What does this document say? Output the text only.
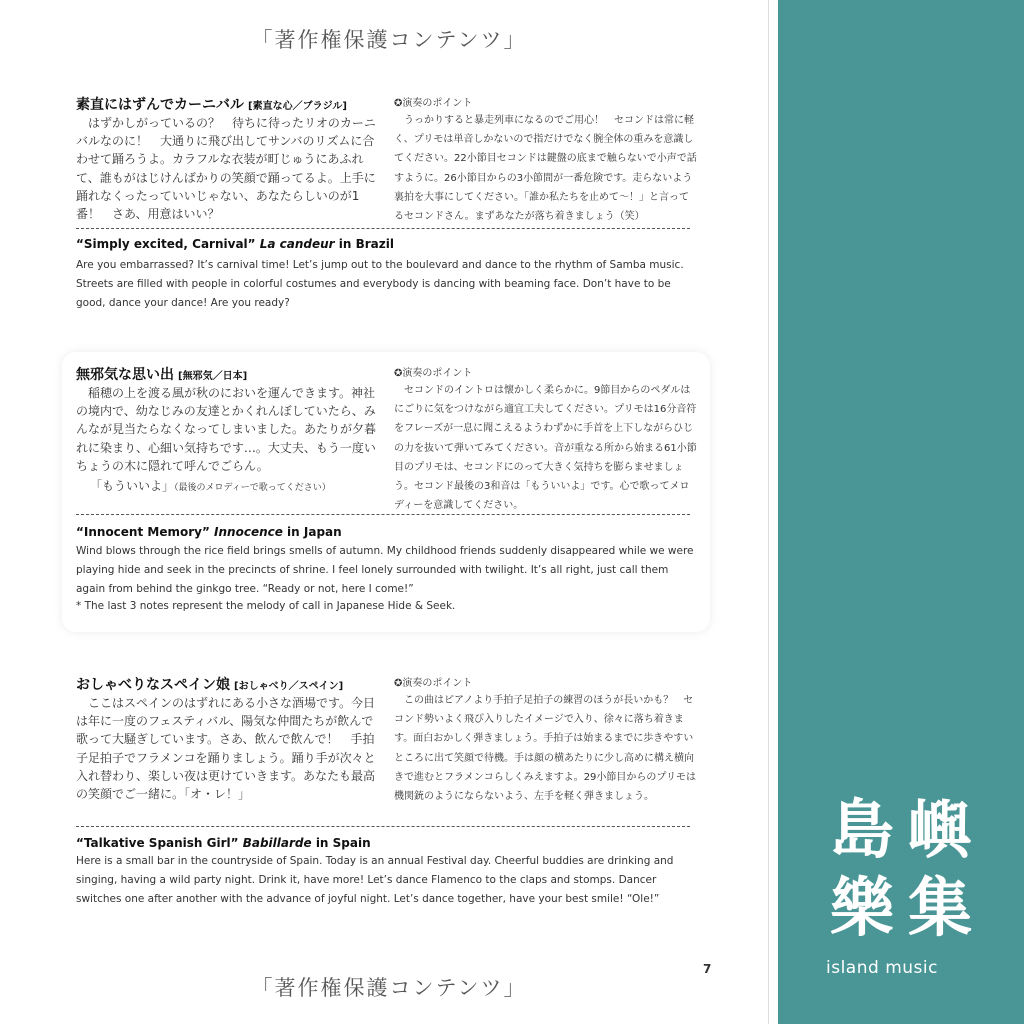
「著作権保護コンテンツ」
素直にはずんでカーニバル [素直な心／ブラジル]
　はずかしがっているの？　待ちに待ったリオのカーニバルなのに！　大通りに飛び出してサンバのリズムに合わせて踊ろうよ。カラフルな衣装が町じゅうにあふれて、誰もがはじけんばかりの笑顔で踊ってるよ。上手に踊れなくったっていいじゃない、あなたらしいのが1番！　さあ、用意はいい？
✪演奏のポイント
　うっかりすると暴走列車になるのでご用心！　セコンドは常に軽く、プリモは単音しかないので指だけでなく腕全体の重みを意識してください。22小節目セコンドは鍵盤の底まで触らないで小声で話すように。26小節目からの3小節間が一番危険です。走らないよう裏拍を大事にしてください。「誰か私たちを止めて〜！」と言ってるセコンドさん。まずあなたが落ち着きましょう（笑）
“Simply excited, Carnival” La candeur in Brazil
Are you embarrassed? It’s carnival time! Let’s jump out to the boulevard and dance to the rhythm of Samba music. Streets are filled with people in colorful costumes and everybody is dancing with beaming face. Don’t have to be good, dance your dance! Are you ready?
無邪気な思い出 [無邪気／日本]
　稲穂の上を渡る風が秋のにおいを運んできます。神社の境内で、幼なじみの友達とかくれんぼしていたら、みんなが見当たらなくなってしまいました。あたりが夕暮れに染まり、心細い気持ちです…。大丈夫、もう一度いちょうの木に隠れて呼んでごらん。
「もういいよ」（最後のメロディーで歌ってください）
✪演奏のポイント
　セコンドのイントロは懐かしく柔らかに。9節目からのペダルはにごりに気をつけながら適宜工夫してください。プリモは16分音符をフレーズが一息に聞こえるようわずかに手首を上下しながらひじの力を抜いて弾いてみてください。音が重なる所から始まる61小節目のプリモは、セコンドにのって大きく気持ちを膨らませましょう。セコンド最後の3和音は「もういいよ」です。心で歌ってメロディーを意識してください。
“Innocent Memory” Innocence in Japan
Wind blows through the rice field brings smells of autumn. My childhood friends suddenly disappeared while we were playing hide and seek in the precincts of shrine. I feel lonely surrounded with twilight. It’s all right, just call them again from behind the ginkgo tree. “Ready or not, here I come!”
* The last 3 notes represent the melody of call in Japanese Hide & Seek.
おしゃべりなスペイン娘 [おしゃべり／スペイン]
　ここはスペインのはずれにある小さな酒場です。今日は年に一度のフェスティバル、陽気な仲間たちが飲んで歌って大騒ぎしています。さあ、飲んで飲んで！　手拍子足拍子でフラメンコを踊りましょう。踊り手が次々と入れ替わり、楽しい夜は更けていきます。あなたも最高の笑顔でご一緒に。「オ・レ！」
✪演奏のポイント
　この曲はピアノより手拍子足拍子の練習のほうが長いかも？　セコンド勢いよく飛び入りしたイメージで入り、徐々に落ち着きます。面白おかしく弾きましょう。手拍子は始まるまでに歩きやすいところに出て笑顔で待機。手は顔の横あたりに少し高めに構え横向きで進むとフラメンコらしくみえますよ。29小節目からのプリモは機関銃のようにならないよう、左手を軽く弾きましょう。
“Talkative Spanish Girl” Babillarde in Spain
Here is a small bar in the countryside of Spain. Today is an annual Festival day. Cheerful buddies are drinking and singing, having a wild party night. Drink it, have more! Let’s dance Flamenco to the claps and stomps. Dancer switches one after another with the advance of joyful night. Let’s dance together, have your best smile! “Ole!”
7
「著作権保護コンテンツ」
島 嶼
樂 集
island music
